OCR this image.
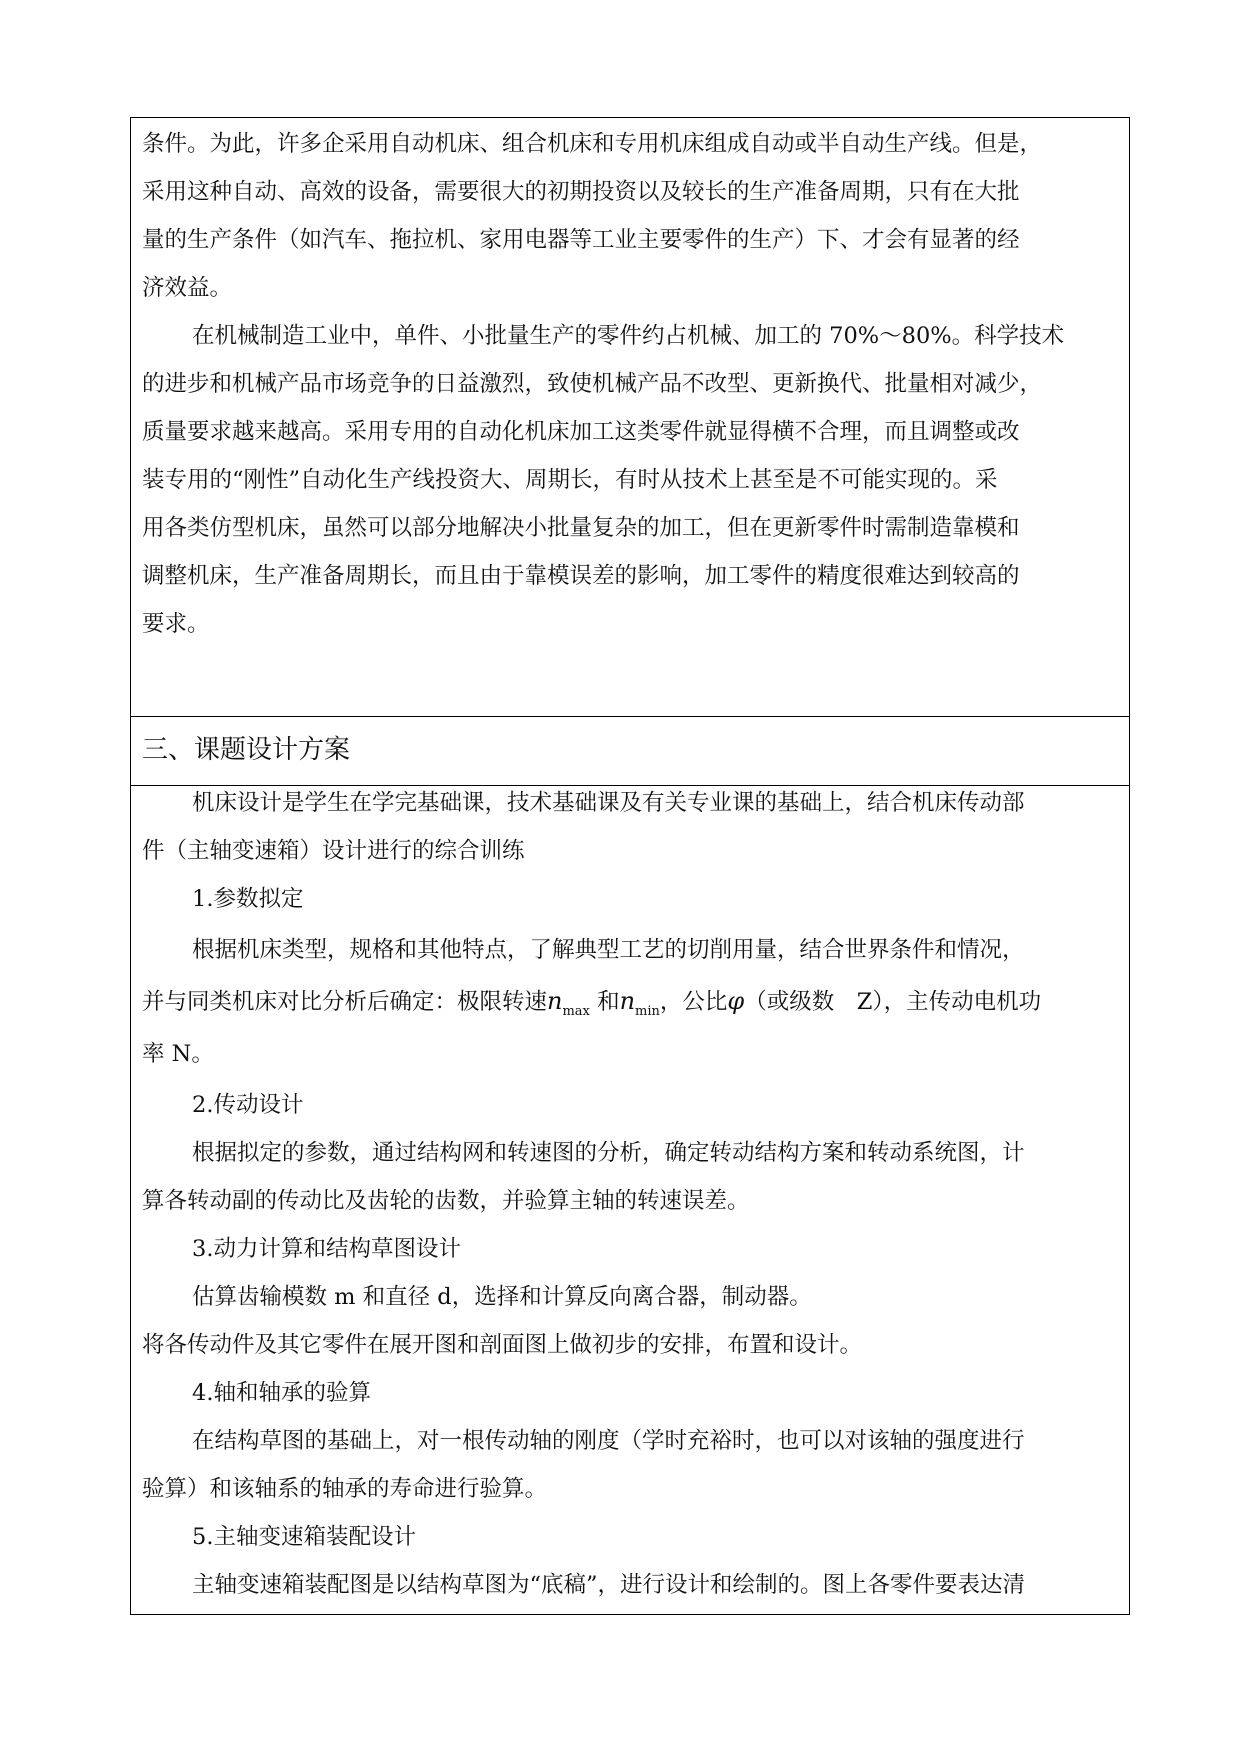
条件。为此，许多企采用自动机床、组合机床和专用机床组成自动或半自动生产线。但是，
采用这种自动、高效的设备，需要很大的初期投资以及较长的生产准备周期，只有在大批
量的生产条件（如汽车、拖拉机、家用电器等工业主要零件的生产）下、才会有显著的经
济效益。
在机械制造工业中，单件、小批量生产的零件约占机械、加工的 70%～80%。科学技术
的进步和机械产品市场竞争的日益激烈，致使机械产品不改型、更新换代、批量相对减少，
质量要求越来越高。采用专用的自动化机床加工这类零件就显得横不合理，而且调整或改
装专用的“刚性”自动化生产线投资大、周期长，有时从技术上甚至是不可能实现的。采
用各类仿型机床，虽然可以部分地解决小批量复杂的加工，但在更新零件时需制造靠模和
调整机床，生产准备周期长，而且由于靠模误差的影响，加工零件的精度很难达到较高的
要求。
三、课题设计方案
机床设计是学生在学完基础课，技术基础课及有关专业课的基础上，结合机床传动部
件（主轴变速箱）设计进行的综合训练
1.参数拟定
根据机床类型，规格和其他特点，了解典型工艺的切削用量，结合世界条件和情况，
并与同类机床对比分析后确定：极限转速$n_{max}$ 和$n_{min}$，公比φ（或级数　Z），主传动电机功
率 N。
2.传动设计
根据拟定的参数，通过结构网和转速图的分析，确定转动结构方案和转动系统图，计
算各转动副的传动比及齿轮的齿数，并验算主轴的转速误差。
3.动力计算和结构草图设计
估算齿输模数 m 和直径 d，选择和计算反向离合器，制动器。
将各传动件及其它零件在展开图和剖面图上做初步的安排，布置和设计。
4.轴和轴承的验算
在结构草图的基础上，对一根传动轴的刚度（学时充裕时，也可以对该轴的强度进行
验算）和该轴系的轴承的寿命进行验算。
5.主轴变速箱装配设计
主轴变速箱装配图是以结构草图为“底稿”，进行设计和绘制的。图上各零件要表达清
